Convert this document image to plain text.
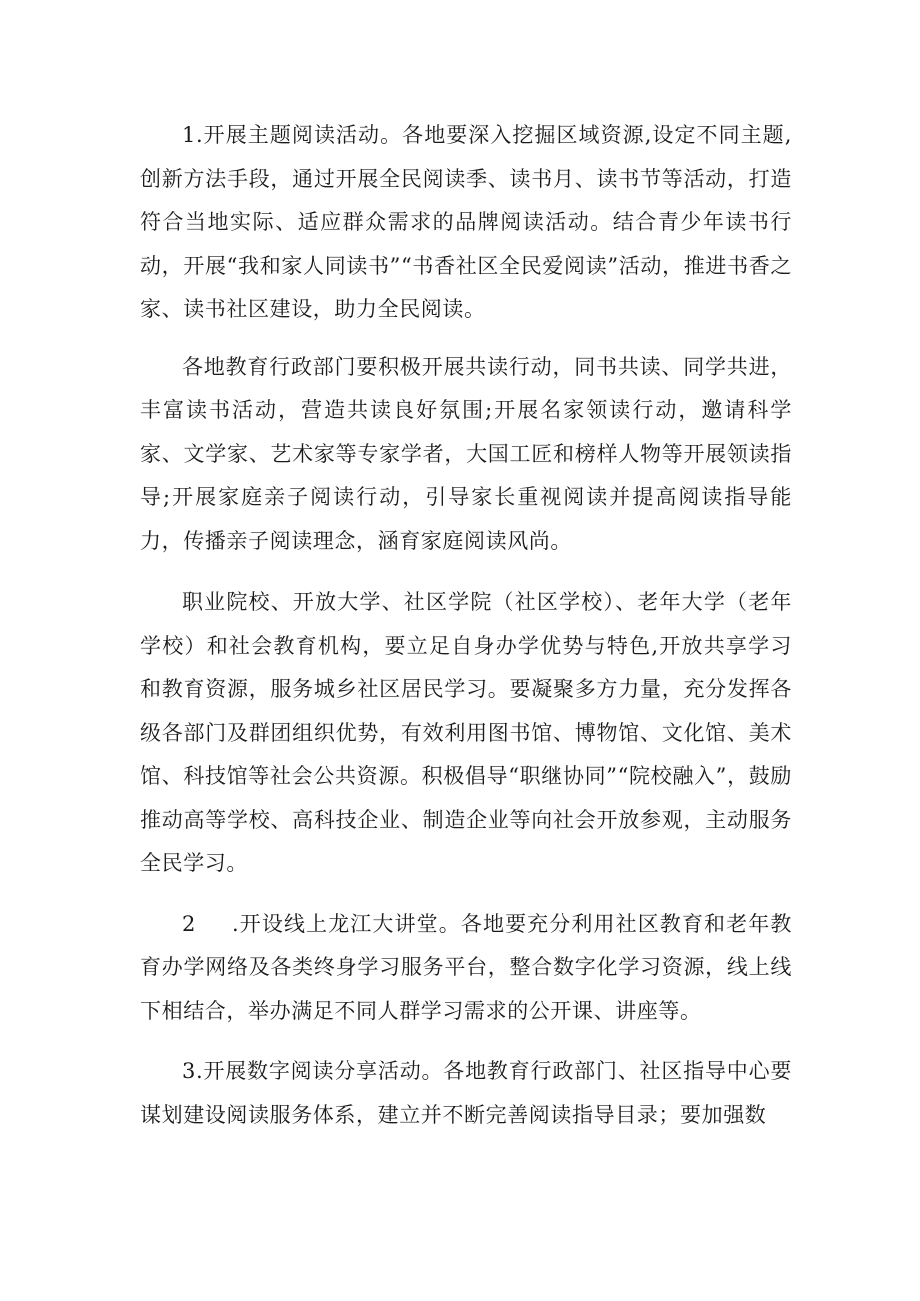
1.开展主题阅读活动。各地要深入挖掘区域资源,设定不同主题,创新方法手段，通过开展全民阅读季、读书月、读书节等活动，打造符合当地实际、适应群众需求的品牌阅读活动。结合青少年读书行动，开展“我和家人同读书”“书香社区全民爱阅读”活动，推进书香之家、读书社区建设，助力全民阅读。

各地教育行政部门要积极开展共读行动，同书共读、同学共进，丰富读书活动，营造共读良好氛围;开展名家领读行动，邀请科学家、文学家、艺术家等专家学者，大国工匠和榜样人物等开展领读指导;开展家庭亲子阅读行动，引导家长重视阅读并提高阅读指导能力，传播亲子阅读理念，涵育家庭阅读风尚。

职业院校、开放大学、社区学院（社区学校）、老年大学（老年学校）和社会教育机构，要立足自身办学优势与特色,开放共享学习和教育资源，服务城乡社区居民学习。要凝聚多方力量，充分发挥各级各部门及群团组织优势，有效利用图书馆、博物馆、文化馆、美术馆、科技馆等社会公共资源。积极倡导“职继协同”“院校融入”，鼓励推动高等学校、高科技企业、制造企业等向社会开放参观，主动服务全民学习。

2 .开设线上龙江大讲堂。各地要充分利用社区教育和老年教育办学网络及各类终身学习服务平台，整合数字化学习资源，线上线下相结合，举办满足不同人群学习需求的公开课、讲座等。

3.开展数字阅读分享活动。各地教育行政部门、社区指导中心要谋划建设阅读服务体系，建立并不断完善阅读指导目录；要加强数
